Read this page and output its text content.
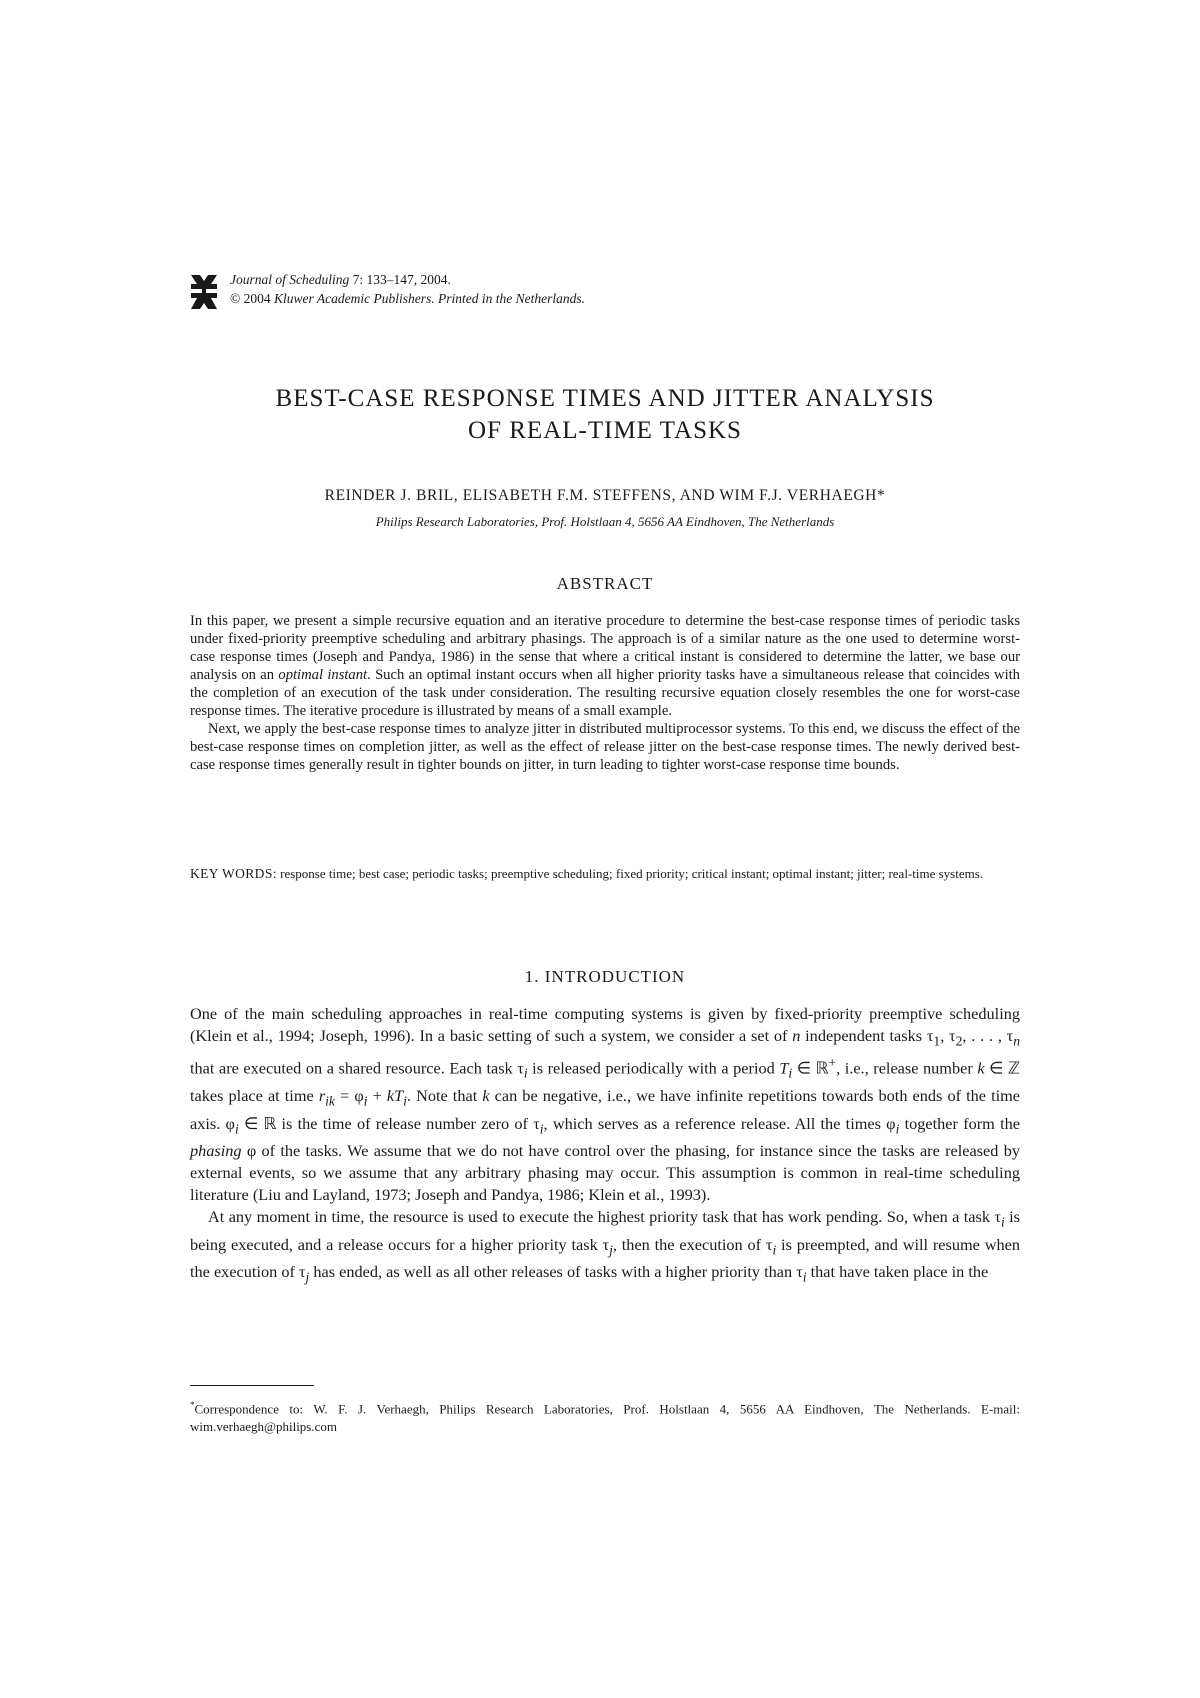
Journal of Scheduling 7: 133–147, 2004.
© 2004 Kluwer Academic Publishers. Printed in the Netherlands.
BEST-CASE RESPONSE TIMES AND JITTER ANALYSIS
OF REAL-TIME TASKS
REINDER J. BRIL, ELISABETH F.M. STEFFENS, AND WIM F.J. VERHAEGH*
Philips Research Laboratories, Prof. Holstlaan 4, 5656 AA Eindhoven, The Netherlands
ABSTRACT

In this paper, we present a simple recursive equation and an iterative procedure to determine the best-case response times of periodic tasks under fixed-priority preemptive scheduling and arbitrary phasings. The approach is of a similar nature as the one used to determine worst-case response times (Joseph and Pandya, 1986) in the sense that where a critical instant is considered to determine the latter, we base our analysis on an optimal instant. Such an optimal instant occurs when all higher priority tasks have a simultaneous release that coincides with the completion of an execution of the task under consideration. The resulting recursive equation closely resembles the one for worst-case response times. The iterative procedure is illustrated by means of a small example.

Next, we apply the best-case response times to analyze jitter in distributed multiprocessor systems. To this end, we discuss the effect of the best-case response times on completion jitter, as well as the effect of release jitter on the best-case response times. The newly derived best-case response times generally result in tighter bounds on jitter, in turn leading to tighter worst-case response time bounds.

KEY WORDS: response time; best case; periodic tasks; preemptive scheduling; fixed priority; critical instant; optimal instant; jitter; real-time systems.
1. INTRODUCTION

One of the main scheduling approaches in real-time computing systems is given by fixed-priority preemptive scheduling (Klein et al., 1994; Joseph, 1996). In a basic setting of such a system, we consider a set of n independent tasks $\tau_1$, $\tau_2$, . . . , $\tau_n$ that are executed on a shared resource. Each task $\tau_i$ is released periodically with a period $T_i$ ∈ ℝ+, i.e., release number k ∈ ℤ takes place at time $r_{ik} = \varphi_i + kT_i$. Note that k can be negative, i.e., we have infinite repetitions towards both ends of the time axis. $\varphi_i$ ∈ ℝ is the time of release number zero of $\tau_i$, which serves as a reference release. All the times $\varphi_i$ together form the phasing φ of the tasks. We assume that we do not have control over the phasing, for instance since the tasks are released by external events, so we assume that any arbitrary phasing may occur. This assumption is common in real-time scheduling literature (Liu and Layland, 1973; Joseph and Pandya, 1986; Klein et al., 1993).

At any moment in time, the resource is used to execute the highest priority task that has work pending. So, when a task $\tau_i$ is being executed, and a release occurs for a higher priority task $\tau_j$, then the execution of $\tau_i$ is preempted, and will resume when the execution of $\tau_j$ has ended, as well as all other releases of tasks with a higher priority than $\tau_i$ that have taken place in the

*Correspondence to: W. F. J. Verhaegh, Philips Research Laboratories, Prof. Holstlaan 4, 5656 AA Eindhoven, The Netherlands. E-mail: wim.verhaegh@philips.com
